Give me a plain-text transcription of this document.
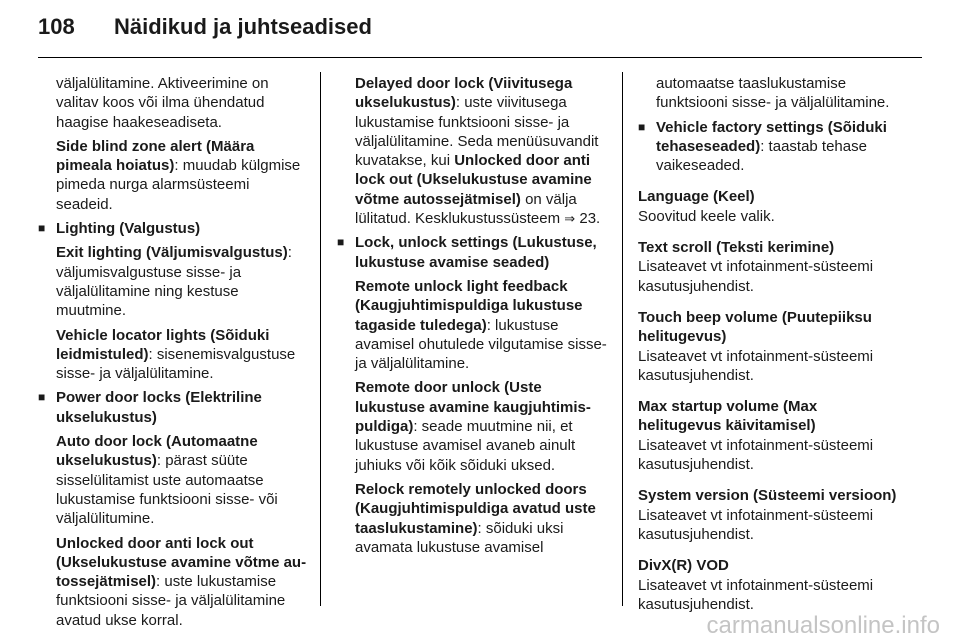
108 Näidikud ja juhtseadised

väljalülitamine. Aktiveerimine on valitav koos või ilma ühendatud haagise haakeseadiseta.

Side blind zone alert (Määra pimeala hoiatus): muudab külgmise pimeda nurga alarmsüsteemi seadeid.

■ Lighting (Valgustus)

Exit lighting (Väljumisvalgustus): väljumisvalgustuse sisse- ja väljalülitamine ning kestuse muutmine.

Vehicle locator lights (Sõiduki leidmistuled): sisenemisvalgustuse sisse- ja väljalülitamine.

■ Power door locks (Elektriline ukselukustus)

Auto door lock (Automaatne ukselukustus): pärast süüte sisselülitamist uste automaatse lukustamise funktsiooni sisse- või väljalülitumine.

Unlocked door anti lock out (Ukselukustuse avamine võtme au-tossejätmisel): uste lukustamise funktsiooni sisse- ja väljalülitamine avatud ukse korral.

Delayed door lock (Viivitusega ukselukustus): uste viivitusega lukustamise funktsiooni sisse- ja väljalülitamine. Seda menüüsuvandit kuvatakse, kui Unlocked door anti lock out (Ukselukustuse avamine võtme autossejätmisel) on välja lülitatud. Kesklukustussüsteem ⇒ 23.

■ Lock, unlock settings (Lukustuse, lukustuse avamise seaded)

Remote unlock light feedback (Kaugjuhtimispuldiga lukustuse tagaside tuledega): lukustuse avamisel ohutulede vilgutamise sisse- ja väljalülitamine.

Remote door unlock (Uste lukustuse avamine kaugjuhtimis-puldiga): seade muutmine nii, et lukustuse avamisel avaneb ainult juhiuks või kõik sõiduki uksed.

Relock remotely unlocked doors (Kaugjuhtimispuldiga avatud uste taaslukustamine): sõiduki uksi avamata lukustuse avamisel

automaatse taaslukustamise funktsiooni sisse- ja väljalülitamine.

■ Vehicle factory settings (Sõiduki tehaseseaded): taastab tehase vaikeseaded.

Language (Keel)
Soovitud keele valik.
Text scroll (Teksti kerimine)
Lisateavet vt infotainment-süsteemi kasutusjuhendist.
Touch beep volume (Puutepiiksu helitugevus)
Lisateavet vt infotainment-süsteemi kasutusjuhendist.
Max startup volume (Max helitugevus käivitamisel)
Lisateavet vt infotainment-süsteemi kasutusjuhendist.
System version (Süsteemi versioon)
Lisateavet vt infotainment-süsteemi kasutusjuhendist.
DivX(R) VOD
Lisateavet vt infotainment-süsteemi kasutusjuhendist.
carmanualsonline.info
